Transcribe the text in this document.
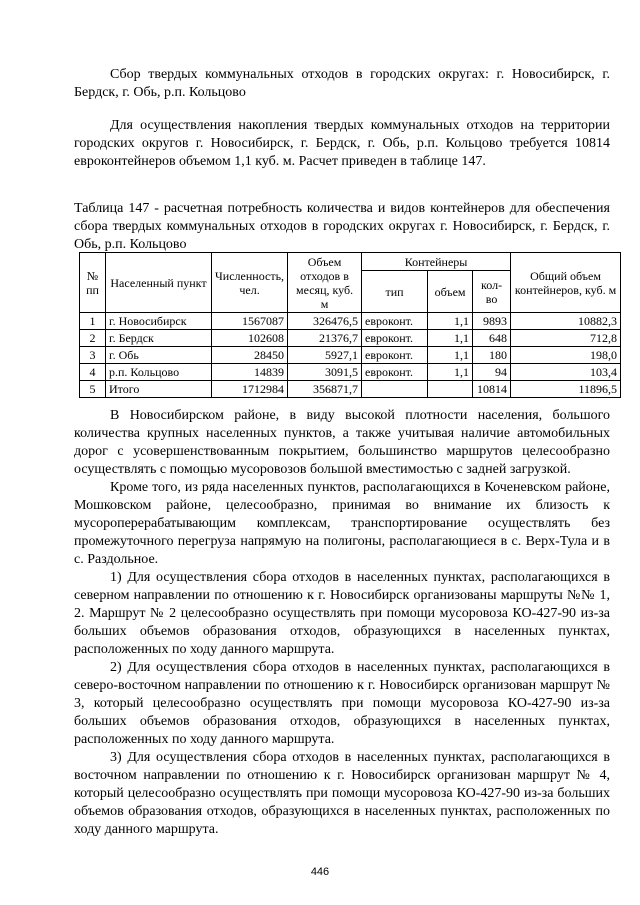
Сбор твердых коммунальных отходов в городских округах: г. Новосибирск, г. Бердск, г. Обь, р.п. Кольцово

Для осуществления накопления твердых коммунальных отходов на территории городских округов г. Новосибирск, г. Бердск, г. Обь, р.п. Кольцово требуется 10814 евроконтейнеров объемом 1,1 куб. м. Расчет приведен в таблице 147.

Таблица 147 - расчетная потребность количества и видов контейнеров для обеспечения сбора твердых коммунальных отходов в городских округах г. Новосибирск, г. Бердск, г. Обь, р.п. Кольцово

№ пп	Населенный пункт	Численность, чел.	Объем отходов в месяц, куб. м	Контейнеры			Общий объем контейнеров, куб. м
				тип	объем	кол-во	
1	г. Новосибирск	1567087	326476,5	евроконт.	1,1	9893	10882,3
2	г. Бердск	102608	21376,7	евроконт.	1,1	648	712,8
3	г. Обь	28450	5927,1	евроконт.	1,1	180	198,0
4	р.п. Кольцово	14839	3091,5	евроконт.	1,1	94	103,4
5	Итого	1712984	356871,7			10814	11896,5

В Новосибирском районе, в виду высокой плотности населения, большого количества крупных населенных пунктов, а также учитывая наличие автомобильных дорог с усовершенствованным покрытием, большинство маршрутов целесообразно осуществлять с помощью мусоровозов большой вместимостью с задней загрузкой.

Кроме того, из ряда населенных пунктов, располагающихся в Коченевском районе, Мошковском районе, целесообразно, принимая во внимание их близость к мусороперерабатывающим комплексам, транспортирование осуществлять без промежуточного перегруза напрямую на полигоны, располагающиеся в с. Верх-Тула и в с. Раздольное.

1) Для осуществления сбора отходов в населенных пунктах, располагающихся в северном направлении по отношению к г. Новосибирск организованы маршруты №№ 1, 2. Маршрут № 2 целесообразно осуществлять при помощи мусоровоза КО-427-90 из-за больших объемов образования отходов, образующихся в населенных пунктах, расположенных по ходу данного маршрута.

2) Для осуществления сбора отходов в населенных пунктах, располагающихся в северо-восточном направлении по отношению к г. Новосибирск организован маршрут № 3, который целесообразно осуществлять при помощи мусоровоза КО-427-90 из-за больших объемов образования отходов, образующихся в населенных пунктах, расположенных по ходу данного маршрута.

3) Для осуществления сбора отходов в населенных пунктах, располагающихся в восточном направлении по отношению к г. Новосибирск организован маршрут № 4, который целесообразно осуществлять при помощи мусоровоза КО-427-90 из-за больших объемов образования отходов, образующихся в населенных пунктах, расположенных по ходу данного маршрута.

446
